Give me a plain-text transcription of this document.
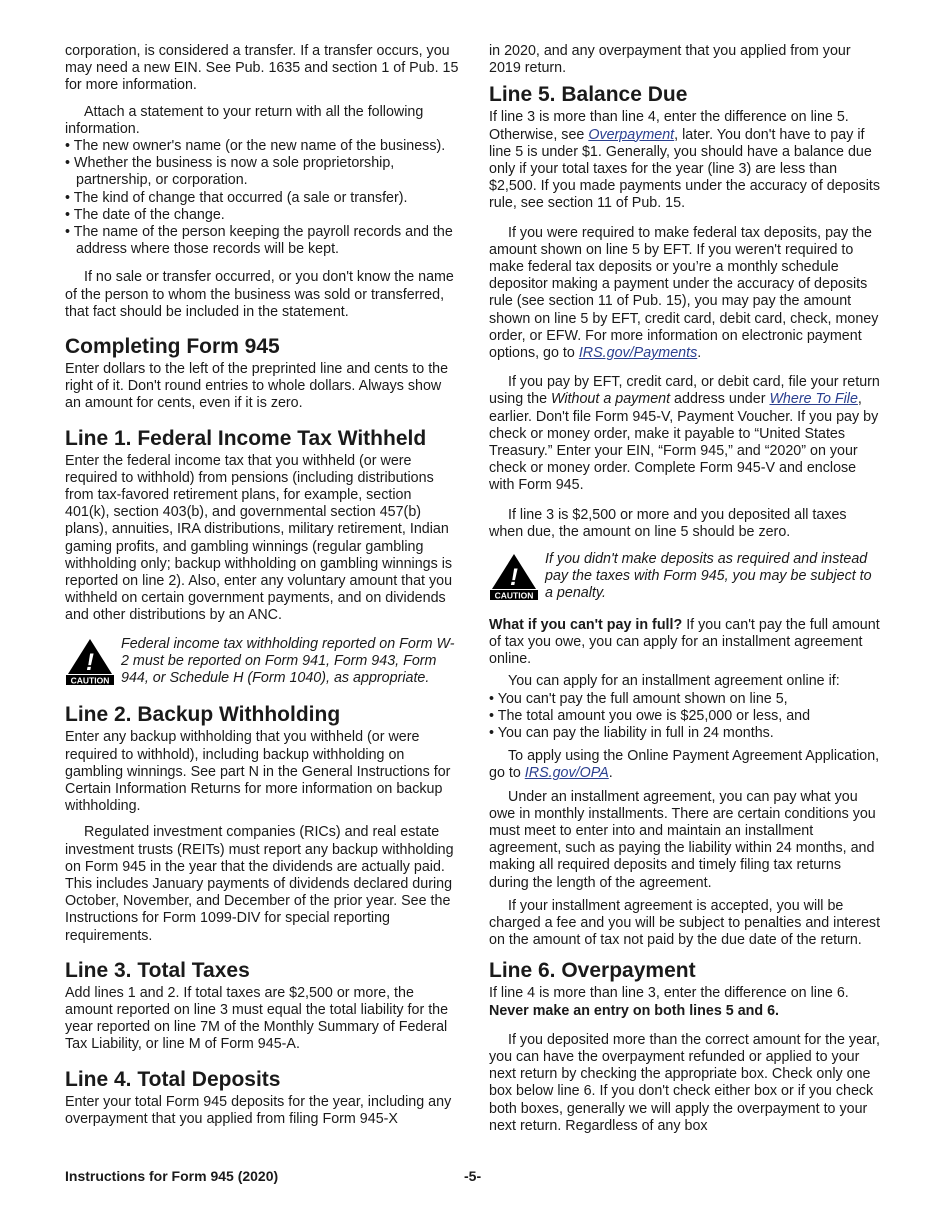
corporation, is considered a transfer. If a transfer occurs, you may need a new EIN. See Pub. 1635 and section 1 of Pub. 15 for more information.

Attach a statement to your return with all the following information.

• The new owner's name (or the new name of the business).

• Whether the business is now a sole proprietorship, partnership, or corporation.

• The kind of change that occurred (a sale or transfer).

• The date of the change.

• The name of the person keeping the payroll records and the address where those records will be kept.

If no sale or transfer occurred, or you don't know the name of the person to whom the business was sold or transferred, that fact should be included in the statement.

Completing Form 945

Enter dollars to the left of the preprinted line and cents to the right of it. Don't round entries to whole dollars. Always show an amount for cents, even if it is zero.

Line 1. Federal Income Tax Withheld

Enter the federal income tax that you withheld (or were required to withhold) from pensions (including distributions from tax-favored retirement plans, for example, section 401(k), section 403(b), and governmental section 457(b) plans), annuities, IRA distributions, military retirement, Indian gaming profits, and gambling winnings (regular gambling withholding only; backup withholding on gambling winnings is reported on line 2). Also, enter any voluntary amount that you withheld on certain government payments, and on dividends and other distributions by an ANC.

!
CAUTION
Federal income tax withholding reported on Form W-2 must be reported on Form 941, Form 943, Form 944, or Schedule H (Form 1040), as appropriate.
Line 2. Backup Withholding

Enter any backup withholding that you withheld (or were required to withhold), including backup withholding on gambling winnings. See part N in the General Instructions for Certain Information Returns for more information on backup withholding.

Regulated investment companies (RICs) and real estate investment trusts (REITs) must report any backup withholding on Form 945 in the year that the dividends are actually paid. This includes January payments of dividends declared during October, November, and December of the prior year. See the Instructions for Form 1099-DIV for special reporting requirements.

Line 3. Total Taxes

Add lines 1 and 2. If total taxes are $2,500 or more, the amount reported on line 3 must equal the total liability for the year reported on line 7M of the Monthly Summary of Federal Tax Liability, or line M of Form 945-A.

Line 4. Total Deposits

Enter your total Form 945 deposits for the year, including any overpayment that you applied from filing Form 945-X

in 2020, and any overpayment that you applied from your 2019 return.

Line 5. Balance Due

If line 3 is more than line 4, enter the difference on line 5. Otherwise, see Overpayment, later. You don't have to pay if line 5 is under $1. Generally, you should have a balance due only if your total taxes for the year (line 3) are less than $2,500. If you made payments under the accuracy of deposits rule, see section 11 of Pub. 15.

If you were required to make federal tax deposits, pay the amount shown on line 5 by EFT. If you weren't required to make federal tax deposits or you’re a monthly schedule depositor making a payment under the accuracy of deposits rule (see section 11 of Pub. 15), you may pay the amount shown on line 5 by EFT, credit card, debit card, check, money order, or EFW. For more information on electronic payment options, go to IRS.gov/Payments.

If you pay by EFT, credit card, or debit card, file your return using the Without a payment address under Where To File, earlier. Don't file Form 945-V, Payment Voucher. If you pay by check or money order, make it payable to “United States Treasury.” Enter your EIN, “Form 945,” and “2020” on your check or money order. Complete Form 945-V and enclose with Form 945.

If line 3 is $2,500 or more and you deposited all taxes when due, the amount on line 5 should be zero.

!
CAUTION
If you didn't make deposits as required and instead pay the taxes with Form 945, you may be subject to a penalty.

What if you can't pay in full? If you can't pay the full amount of tax you owe, you can apply for an installment agreement online.

You can apply for an installment agreement online if:

• You can't pay the full amount shown on line 5,

• The total amount you owe is $25,000 or less, and

• You can pay the liability in full in 24 months.

To apply using the Online Payment Agreement Application, go to IRS.gov/OPA.

Under an installment agreement, you can pay what you owe in monthly installments. There are certain conditions you must meet to enter into and maintain an installment agreement, such as paying the liability within 24 months, and making all required deposits and timely filing tax returns during the length of the agreement.

If your installment agreement is accepted, you will be charged a fee and you will be subject to penalties and interest on the amount of tax not paid by the due date of the return.

Line 6. Overpayment

If line 4 is more than line 3, enter the difference on line 6. Never make an entry on both lines 5 and 6.

If you deposited more than the correct amount for the year, you can have the overpayment refunded or applied to your next return by checking the appropriate box. Check only one box below line 6. If you don't check either box or if you check both boxes, generally we will apply the overpayment to your next return. Regardless of any box

Instructions for Form 945 (2020)	-5-
